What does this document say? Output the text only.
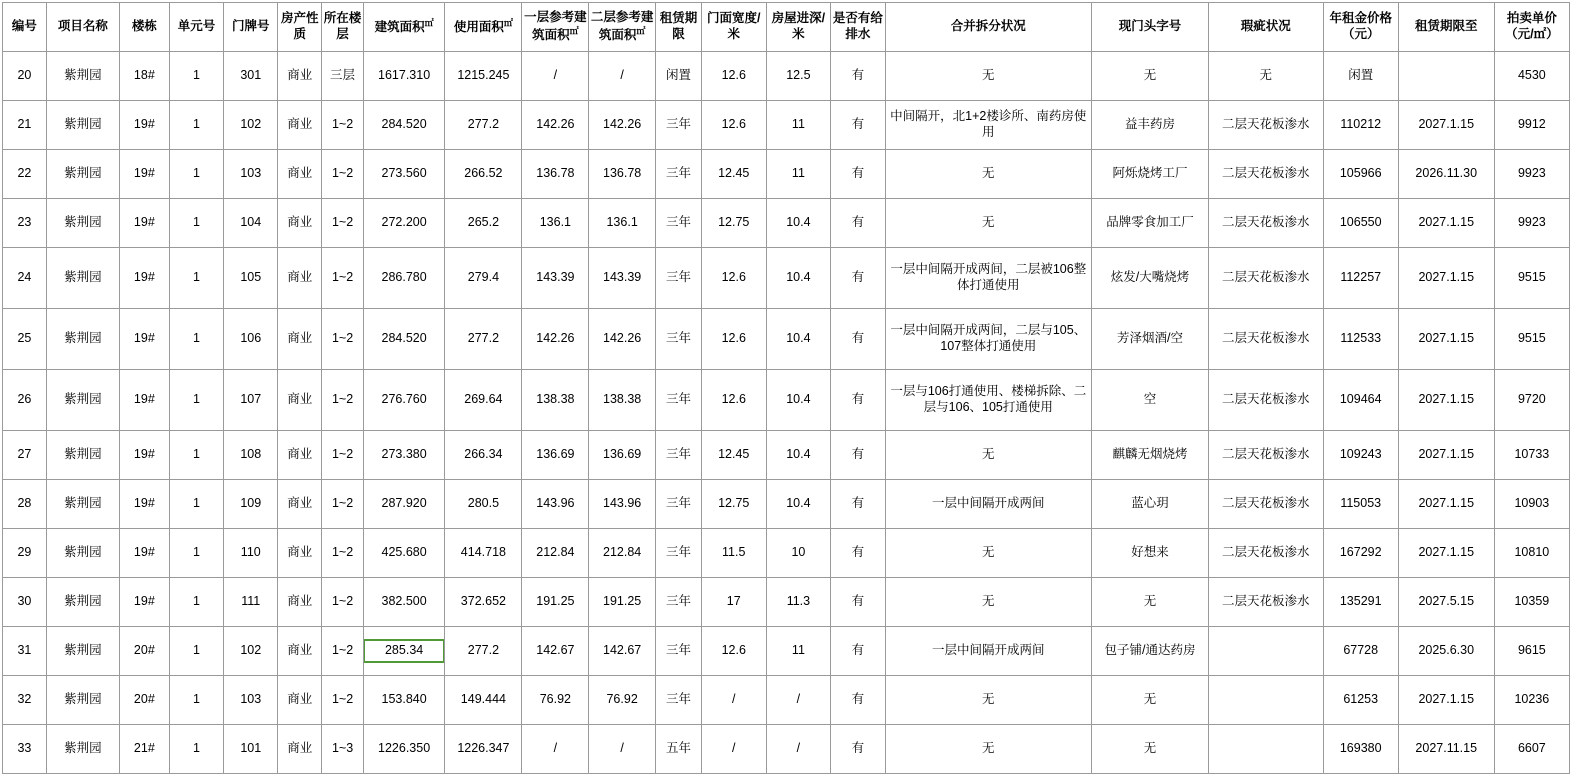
编号	项目名称	楼栋	单元号	门牌号	房产性质	所在楼层	建筑面积㎡	使用面积㎡	一层参考建筑面积㎡	二层参考建筑面积㎡	租赁期限	门面宽度/米	房屋进深/米	是否有给排水	合并拆分状况	现门头字号	瑕疵状况	年租金价格（元）	租赁期限至	拍卖单价（元/㎡）
20	紫荆园	18#	1	301	商业	三层	1617.310	1215.245	/	/	闲置	12.6	12.5	有	无	无	无	闲置		4530
21	紫荆园	19#	1	102	商业	1~2	284.520	277.2	142.26	142.26	三年	12.6	11	有	中间隔开，北1+2楼诊所、南药房使用	益丰药房	二层天花板渗水	110212	2027.1.15	9912
22	紫荆园	19#	1	103	商业	1~2	273.560	266.52	136.78	136.78	三年	12.45	11	有	无	阿烁烧烤工厂	二层天花板渗水	105966	2026.11.30	9923
23	紫荆园	19#	1	104	商业	1~2	272.200	265.2	136.1	136.1	三年	12.75	10.4	有	无	品牌零食加工厂	二层天花板渗水	106550	2027.1.15	9923
24	紫荆园	19#	1	105	商业	1~2	286.780	279.4	143.39	143.39	三年	12.6	10.4	有	一层中间隔开成两间，二层被106整体打通使用	炫发/大嘴烧烤	二层天花板渗水	112257	2027.1.15	9515
25	紫荆园	19#	1	106	商业	1~2	284.520	277.2	142.26	142.26	三年	12.6	10.4	有	一层中间隔开成两间，二层与105、107整体打通使用	芳泽烟酒/空	二层天花板渗水	112533	2027.1.15	9515
26	紫荆园	19#	1	107	商业	1~2	276.760	269.64	138.38	138.38	三年	12.6	10.4	有	一层与106打通使用、楼梯拆除、二层与106、105打通使用	空	二层天花板渗水	109464	2027.1.15	9720
27	紫荆园	19#	1	108	商业	1~2	273.380	266.34	136.69	136.69	三年	12.45	10.4	有	无	麒麟无烟烧烤	二层天花板渗水	109243	2027.1.15	10733
28	紫荆园	19#	1	109	商业	1~2	287.920	280.5	143.96	143.96	三年	12.75	10.4	有	一层中间隔开成两间	蓝心玥	二层天花板渗水	115053	2027.1.15	10903
29	紫荆园	19#	1	110	商业	1~2	425.680	414.718	212.84	212.84	三年	11.5	10	有	无	好想来	二层天花板渗水	167292	2027.1.15	10810
30	紫荆园	19#	1	111	商业	1~2	382.500	372.652	191.25	191.25	三年	17	11.3	有	无	无	二层天花板渗水	135291	2027.5.15	10359
31	紫荆园	20#	1	102	商业	1~2	285.34	277.2	142.67	142.67	三年	12.6	11	有	一层中间隔开成两间	包子铺/通达药房		67728	2025.6.30	9615
32	紫荆园	20#	1	103	商业	1~2	153.840	149.444	76.92	76.92	三年	/	/	有	无	无		61253	2027.1.15	10236
33	紫荆园	21#	1	101	商业	1~3	1226.350	1226.347	/	/	五年	/	/	有	无	无		169380	2027.11.15	6607
